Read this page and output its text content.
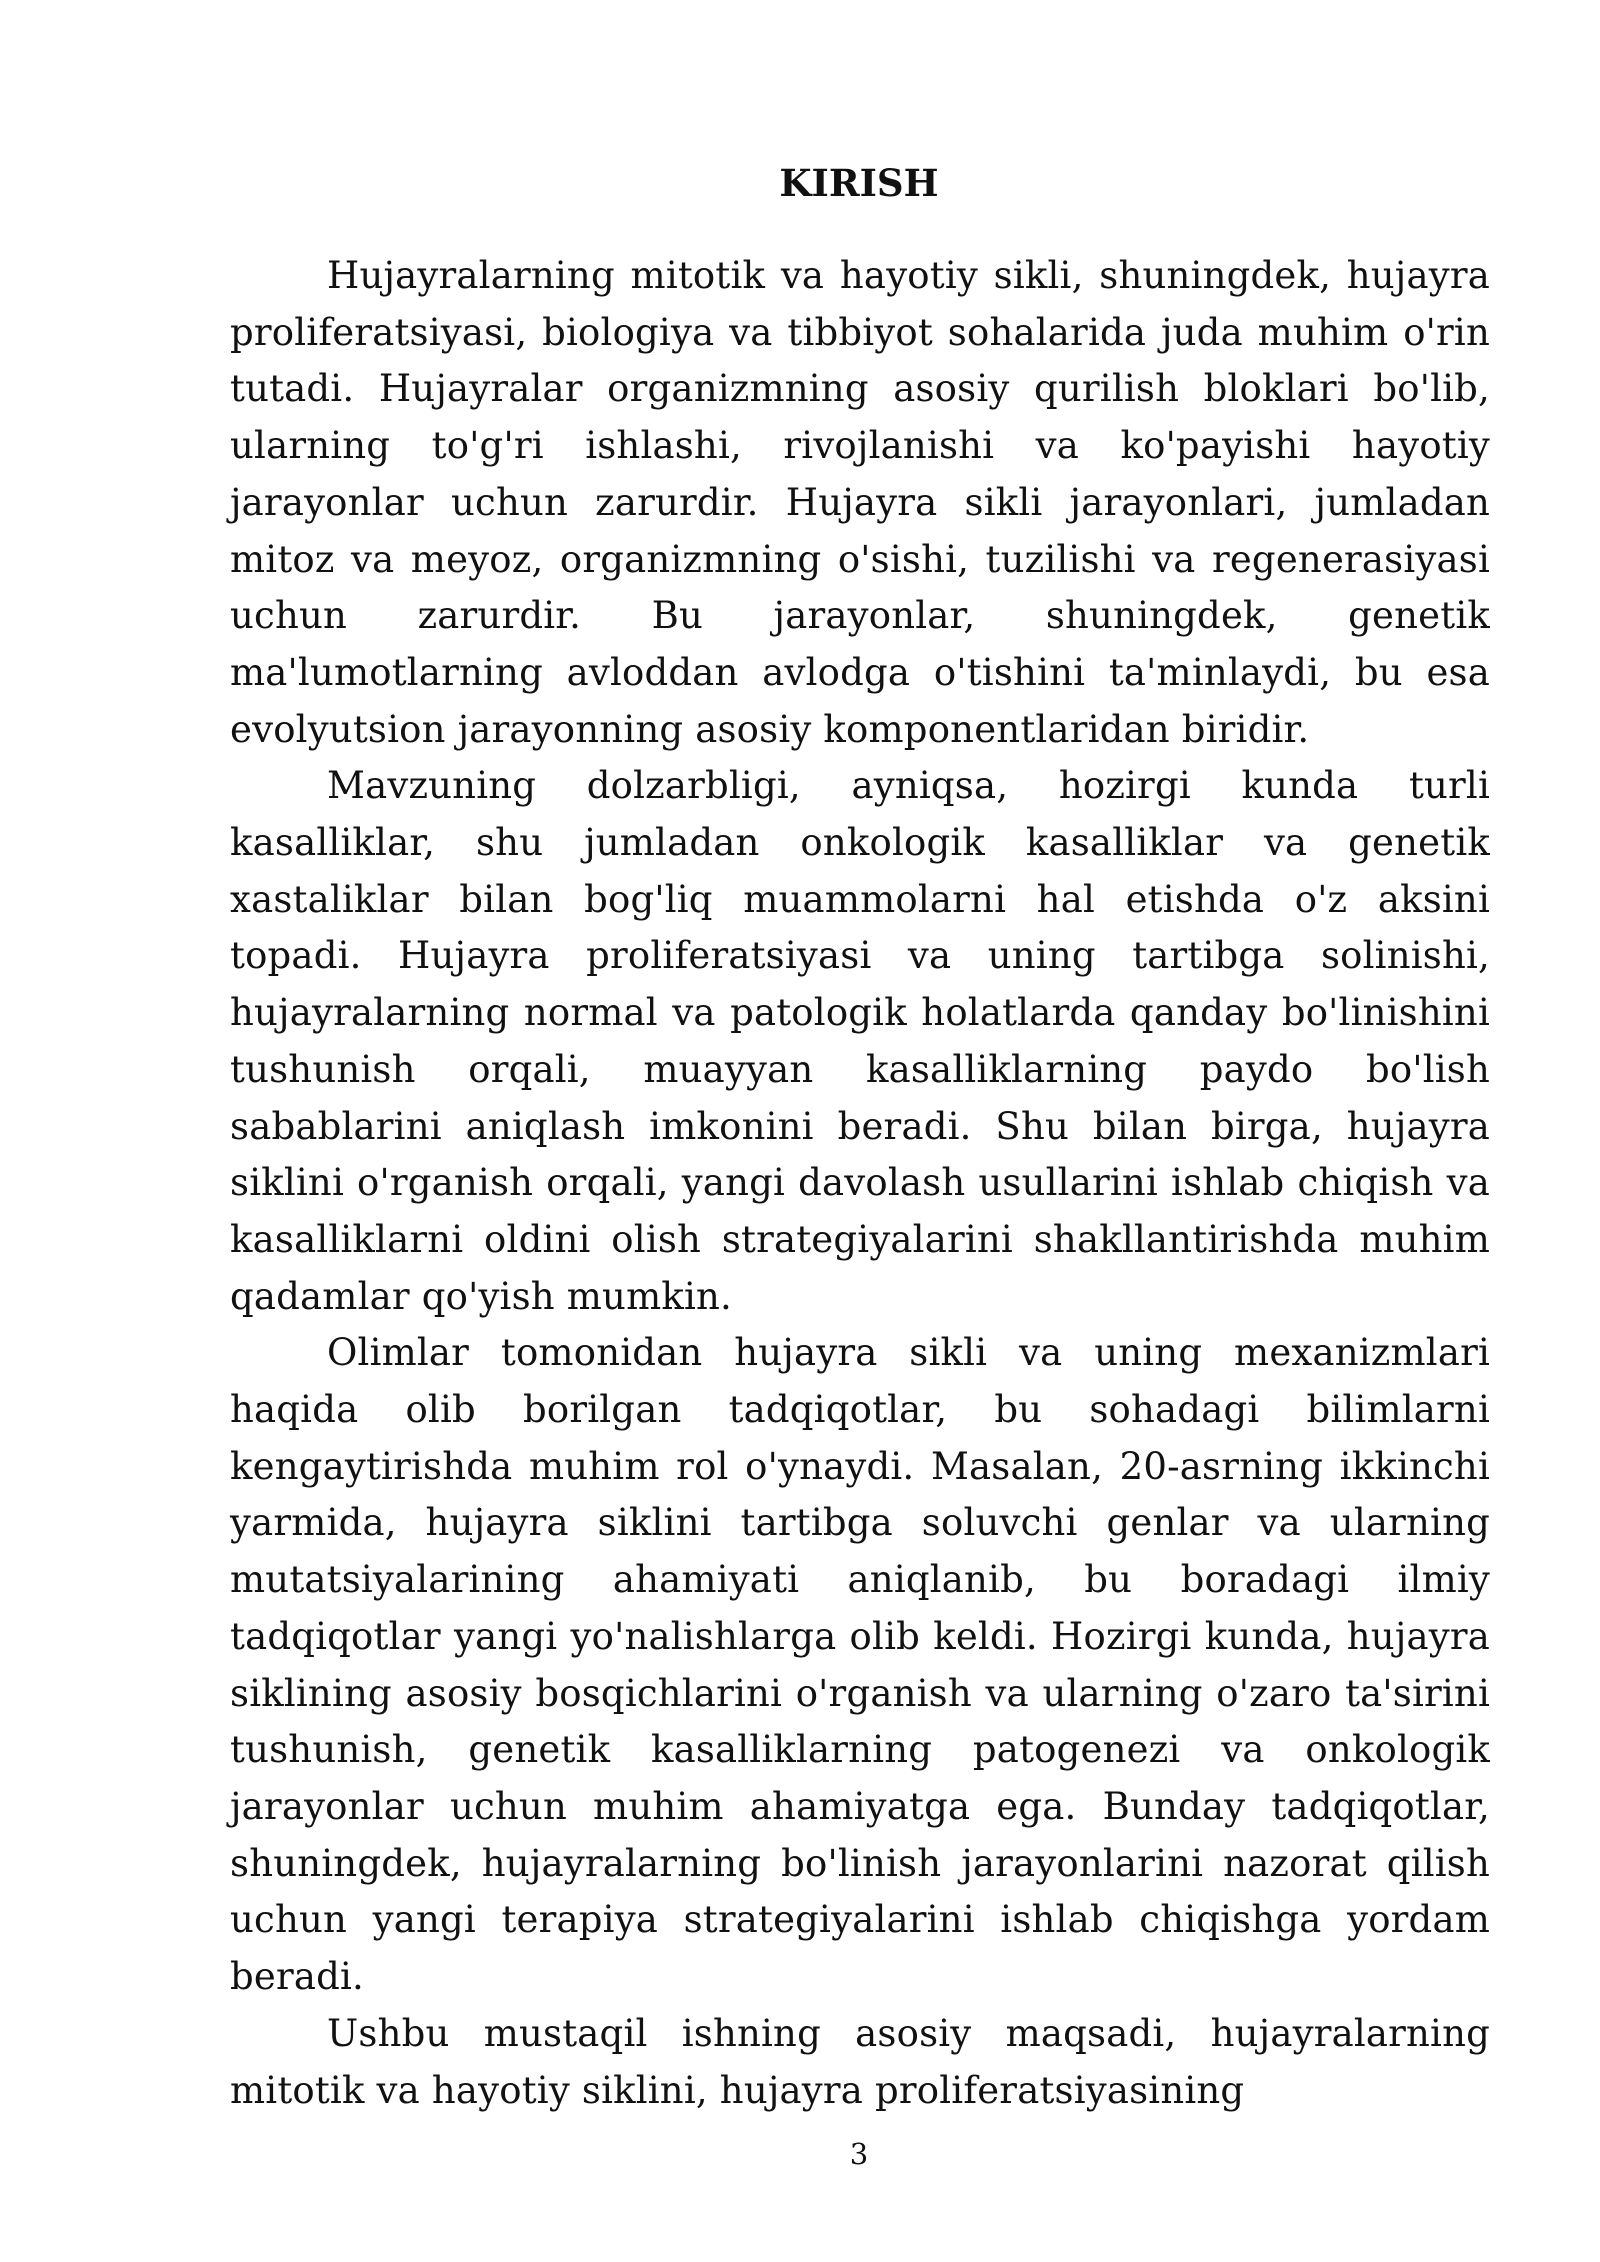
KIRISH

Hujayralarning mitotik va hayotiy sikli, shuningdek, hujayra proliferatsiyasi, biologiya va tibbiyot sohalarida juda muhim o'rin tutadi. Hujayralar organizmning asosiy qurilish bloklari bo'lib, ularning to'g'ri ishlashi, rivojlanishi va ko'payishi hayotiy jarayonlar uchun zarurdir. Hujayra sikli jarayonlari, jumladan mitoz va meyoz, organizmning o'sishi, tuzilishi va regenerasiyasi uchun zarurdir. Bu jarayonlar, shuningdek, genetik ma'lumotlarning avloddan avlodga o'tishini ta'minlaydi, bu esa evolyutsion jarayonning asosiy komponentlaridan biridir.

Mavzuning dolzarbligi, ayniqsa, hozirgi kunda turli kasalliklar, shu jumladan onkologik kasalliklar va genetik xastaliklar bilan bog'liq muammolarni hal etishda o'z aksini topadi. Hujayra proliferatsiyasi va uning tartibga solinishi, hujayralarning normal va patologik holatlarda qanday bo'linishini tushunish orqali, muayyan kasalliklarning paydo bo'lish sabablarini aniqlash imkonini beradi. Shu bilan birga, hujayra siklini o'rganish orqali, yangi davolash usullarini ishlab chiqish va kasalliklarni oldini olish strategiyalarini shakllantirishda muhim qadamlar qo'yish mumkin.

Olimlar tomonidan hujayra sikli va uning mexanizmlari haqida olib borilgan tadqiqotlar, bu sohadagi bilimlarni kengaytirishda muhim rol o'ynaydi. Masalan, 20-asrning ikkinchi yarmida, hujayra siklini tartibga soluvchi genlar va ularning mutatsiyalarining ahamiyati aniqlanib, bu boradagi ilmiy tadqiqotlar yangi yo'nalishlarga olib keldi. Hozirgi kunda, hujayra siklining asosiy bosqichlarini o'rganish va ularning o'zaro ta'sirini tushunish, genetik kasalliklarning patogenezi va onkologik jarayonlar uchun muhim ahamiyatga ega. Bunday tadqiqotlar, shuningdek, hujayralarning bo'linish jarayonlarini nazorat qilish uchun yangi terapiya strategiyalarini ishlab chiqishga yordam beradi.

Ushbu mustaqil ishning asosiy maqsadi, hujayralarning mitotik va hayotiy siklini, hujayra proliferatsiyasining

3
